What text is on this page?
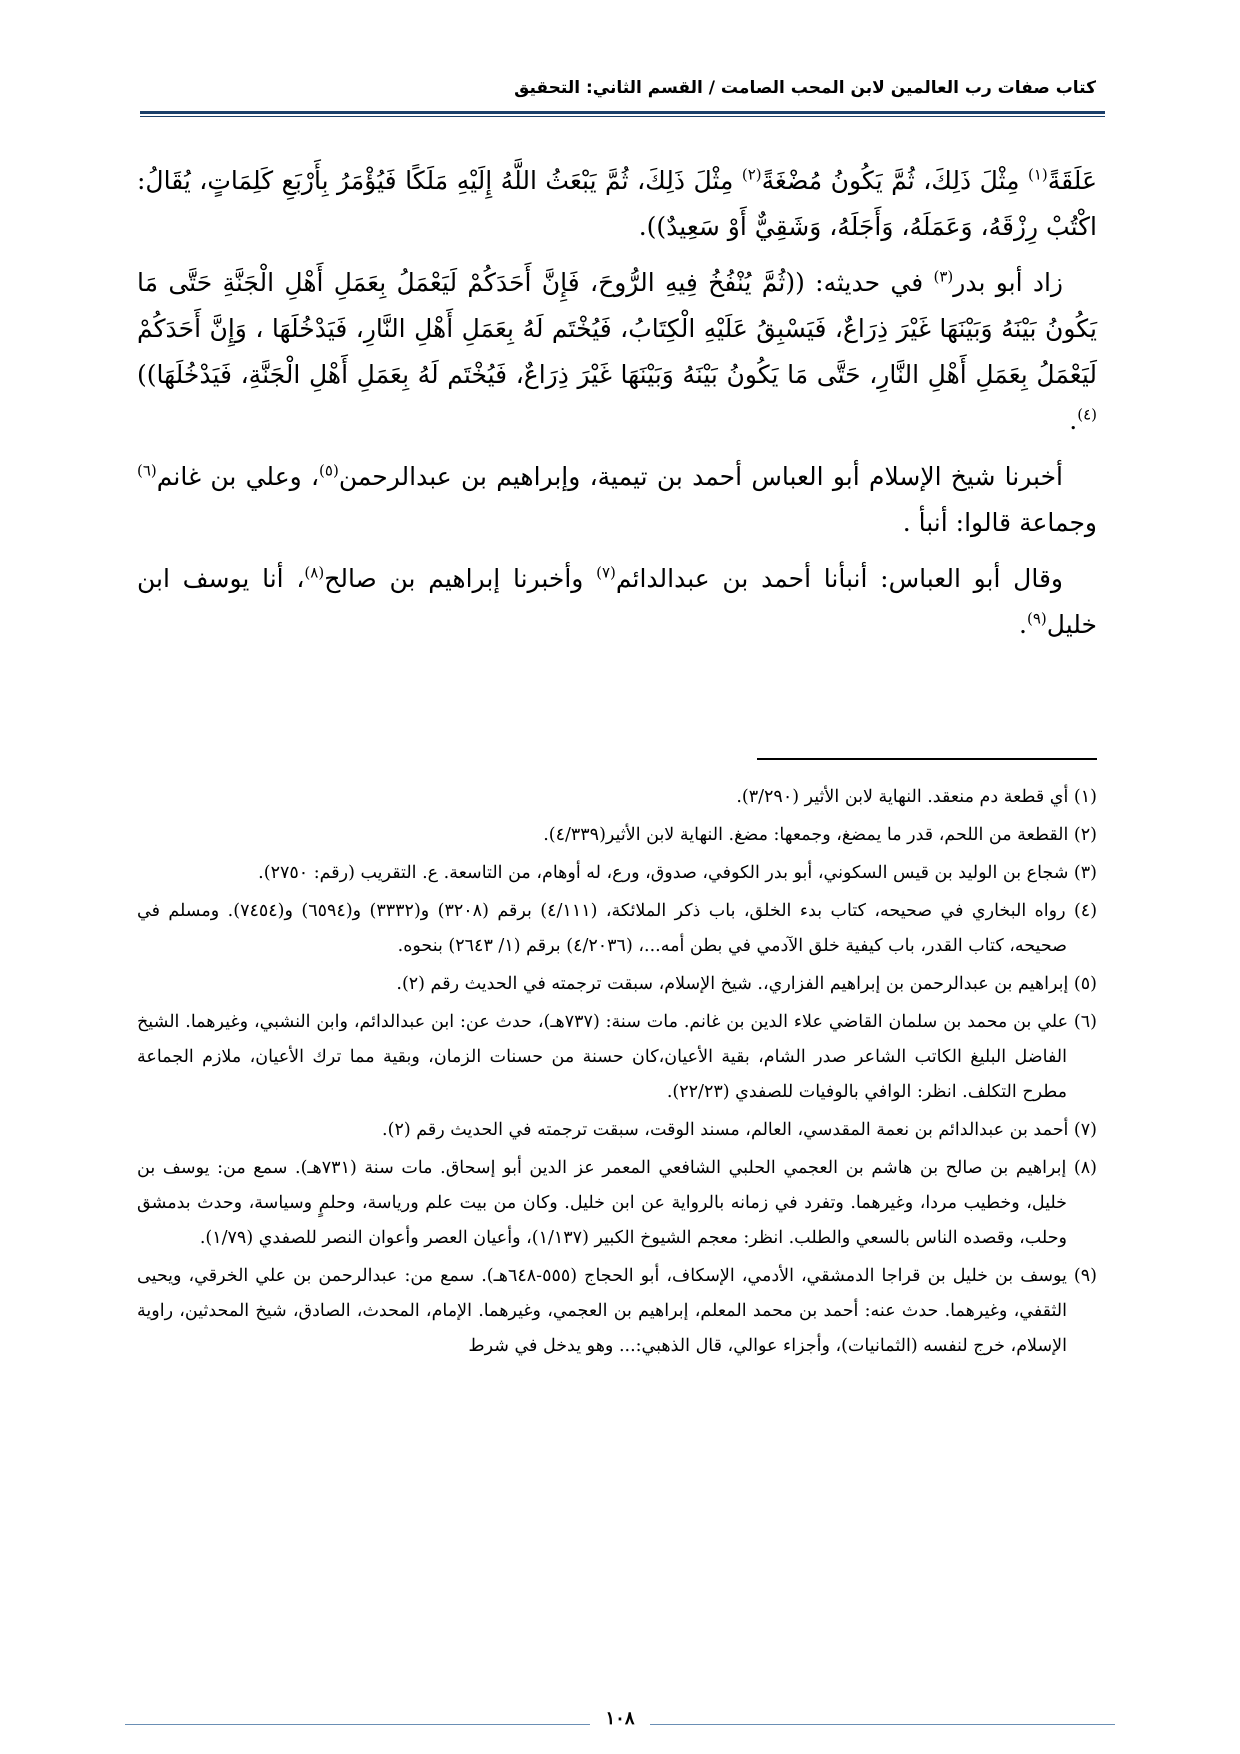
كتاب صفات رب العالمين لابن المحب الصامت / القسم الثاني: التحقيق

عَلَقَةً$^{(١)}$ مِثْلَ ذَلِكَ، ثُمَّ يَكُونُ مُضْغَةً$^{(٢)}$ مِثْلَ ذَلِكَ، ثُمَّ يَبْعَثُ اللَّهُ إِلَيْهِ مَلَكًا فَيُؤْمَرُ بِأَرْبَعِ كَلِمَاتٍ، يُقَالُ: اكْتُبْ رِزْقَهُ، وَعَمَلَهُ، وَأَجَلَهُ، وَشَقِيٌّ أَوْ سَعِيدٌ)).

زاد أبو بدر$^{(٣)}$ في حديثه: ((ثُمَّ يُنْفُخُ فِيهِ الرُّوحَ، فَإِنَّ أَحَدَكُمْ لَيَعْمَلُ بِعَمَلِ أَهْلِ الْجَنَّةِ حَتَّى مَا يَكُونُ بَيْنَهُ وَبَيْنَهَا غَيْرَ ذِرَاعٌ، فَيَسْبِقُ عَلَيْهِ الْكِتَابُ، فَيُخْتَم لَهُ بِعَمَلِ أَهْلِ النَّارِ، فَيَدْخُلَهَا ، وَإِنَّ أَحَدَكُمْ لَيَعْمَلُ بِعَمَلِ أَهْلِ النَّارِ، حَتَّى مَا يَكُونُ بَيْنَهُ وَبَيْنَهَا غَيْرَ ذِرَاعٌ، فَيُخْتَم لَهُ بِعَمَلِ أَهْلِ الْجَنَّةِ، فَيَدْخُلَهَا))$^{(٤)}$.

أخبرنا شيخ الإسلام أبو العباس أحمد بن تيمية، وإبراهيم بن عبدالرحمن$^{(٥)}$، وعلي بن غانم$^{(٦)}$ وجماعة قالوا: أنبأ .

وقال أبو العباس: أنبأنا أحمد بن عبدالدائم$^{(٧)}$ وأخبرنا إبراهيم بن صالح$^{(٨)}$، أنا يوسف ابن خليل$^{(٩)}$.

(١) أي قطعة دم منعقد. النهاية لابن الأثير (٣/٢٩٠).

(٢) القطعة من اللحم، قدر ما يمضغ، وجمعها: مضغ. النهاية لابن الأثير(٤/٣٣٩).

(٣) شجاع بن الوليد بن قيس السكوني، أبو بدر الكوفي، صدوق، ورع، له أوهام، من التاسعة. ع. التقريب (رقم: ٢٧٥٠).

(٤) رواه البخاري في صحيحه، كتاب بدء الخلق، باب ذكر الملائكة، (٤/١١١) برقم (٣٢٠٨) و(٣٣٣٢) و(٦٥٩٤) و(٧٤٥٤). ومسلم في صحيحه، كتاب القدر، باب كيفية خلق الآدمي في بطن أمه...، (٤/٢٠٣٦) برقم (١/ ٢٦٤٣) بنحوه.

(٥) إبراهيم بن عبدالرحمن بن إبراهيم الفزاري،. شيخ الإسلام، سبقت ترجمته في الحديث رقم (٢).

(٦) علي بن محمد بن سلمان القاضي علاء الدين بن غانم. مات سنة: (٧٣٧هـ)، حدث عن: ابن عبدالدائم، وابن النشبي، وغيرهما. الشيخ الفاضل البليغ الكاتب الشاعر صدر الشام، بقية الأعيان،كان حسنة من حسنات الزمان، وبقية مما ترك الأعيان، ملازم الجماعة مطرح التكلف. انظر: الوافي بالوفيات للصفدي (٢٢/٢٣).

(٧) أحمد بن عبدالدائم بن نعمة المقدسي، العالم، مسند الوقت، سبقت ترجمته في الحديث رقم (٢).

(٨) إبراهيم بن صالح بن هاشم بن العجمي الحلبي الشافعي المعمر عز الدين أبو إسحاق. مات سنة (٧٣١هـ). سمع من: يوسف بن خليل، وخطيب مردا، وغيرهما. وتفرد في زمانه بالرواية عن ابن خليل. وكان من بيت علم ورياسة، وحلمٍ وسياسة، وحدث بدمشق وحلب، وقصده الناس بالسعي والطلب. انظر: معجم الشيوخ الكبير (١/١٣٧)، وأعيان العصر وأعوان النصر للصفدي (١/٧٩).

(٩) يوسف بن خليل بن قراجا الدمشقي، الأدمي، الإسكاف، أبو الحجاج (٥٥٥-٦٤٨هـ). سمع من: عبدالرحمن بن علي الخرقي، ويحيى الثقفي، وغيرهما. حدث عنه: أحمد بن محمد المعلم، إبراهيم بن العجمي، وغيرهما. الإمام، المحدث، الصادق، شيخ المحدثين، راوية الإسلام، خرج لنفسه (الثمانيات)، وأجزاء عوالي، قال الذهبي:... وهو يدخل في شرط

١٠٨
